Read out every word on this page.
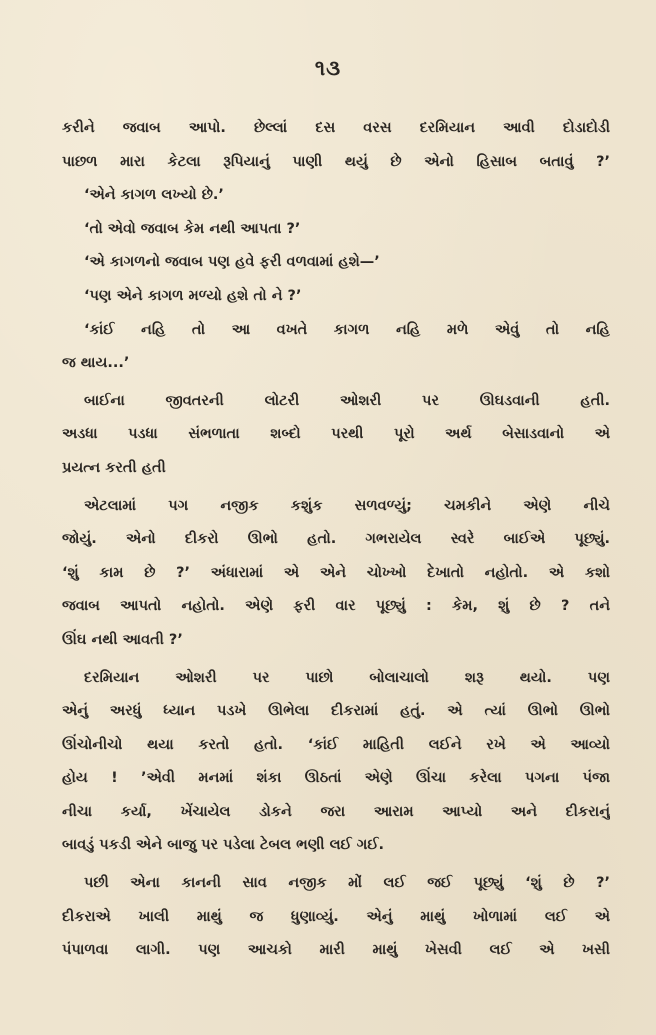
૧૩
કરીને જવાબ આપો. છેલ્લાં દસ વરસ દરમિયાન આવી દોડાદોડી
પાછળ મારા કેટલા રૂપિયાનું પાણી થયું છે એનો હિસાબ બતાવું ?’
‘એને કાગળ લખ્યો છે.’
‘તો એવો જવાબ કેમ નથી આપતા ?’
‘એ કાગળનો જવાબ પણ હવે ફરી વળવામાં હશે—’
‘પણ એને કાગળ મળ્યો હશે તો ને ?’
‘કાંઈ નહિ તો આ વખતે કાગળ નહિ મળે એવું તો નહિ
જ થાય...’
બાઈના જીવતરની લોટરી ઓશરી પર ઊઘડવાની હતી.
અડધા પડધા સંભળાતા શબ્દો પરથી પૂરો અર્થ બેસાડવાનો એ
પ્રયત્ન કરતી હતી
એટલામાં પગ નજીક કશુંક સળવળ્યું; ચમકીને એણે નીચે
જોયું. એનો દીકરો ઊભો હતો. ગભરાયેલ સ્વરે બાઈએ પૂછ્યું.
‘શું કામ છે ?’ અંધારામાં એ એને ચોખ્ખો દેખાતો નહોતો. એ કશો
જવાબ આપતો નહોતો. એણે ફરી વાર પૂછ્યું : કેમ, શું છે ? તને
ઊંઘ નથી આવતી ?’
દરમિયાન ઓશરી પર પાછો બોલાચાલો શરૂ થયો. પણ
એનું અરધું ધ્યાન પડખે ઊભેલા દીકરામાં હતું. એ ત્યાં ઊભો ઊભો
ઊંચોનીચો થયા કરતો હતો. ‘કાંઈ માહિતી લઈને રખે એ આવ્યો
હોય ! ’એવી મનમાં શંકા ઊઠતાં એણે ઊંચા કરેલા પગના પંજા
નીચા કર્યા, ખેંચાયેલ ડોકને જરા આરામ આપ્યો અને દીકરાનું
બાવડું પકડી એને બાજુ પર પડેલા ટેબલ ભણી લઈ ગઈ.
પછી એના કાનની સાવ નજીક મોં લઈ જઈ પૂછ્યું ‘શું છે ?’
દીકરાએ ખાલી માથું જ ધુણાવ્યું. એનું માથું ખોળામાં લઈ એ
પંપાળવા લાગી. પણ આચકો મારી માથું ખેસવી લઈ એ ખસી
